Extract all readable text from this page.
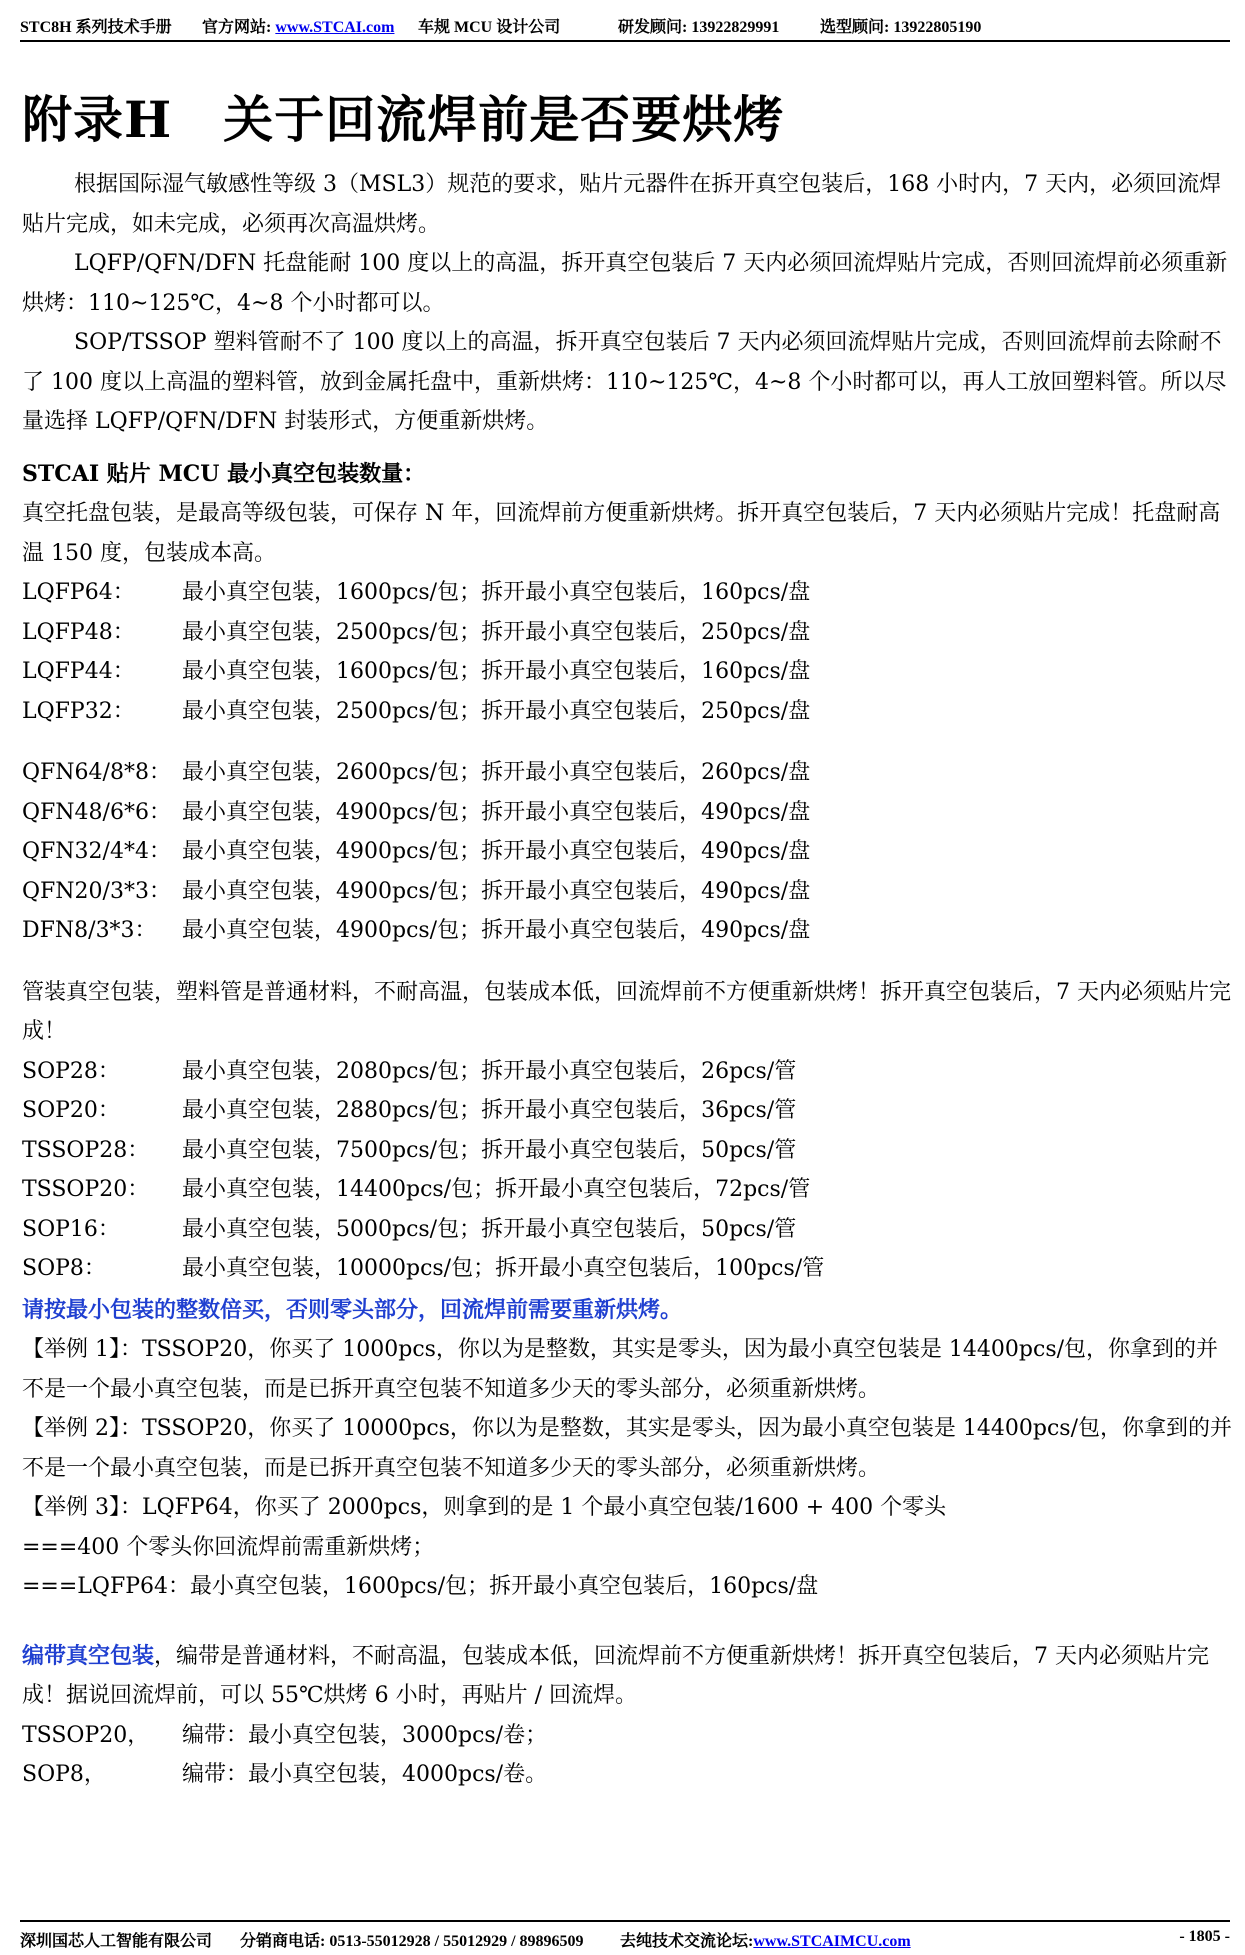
STC8H 系列技术手册 官方网站: www.STCAI.com 车规 MCU 设计公司	研发顾问: 13922829991	选型顾问: 13922805190
附录H　关于回流焊前是否要烘烤

根据国际湿气敏感性等级 3（MSL3）规范的要求，贴片元器件在拆开真空包装后，168 小时内，7 天内，必须回流焊贴片完成，如未完成，必须再次高温烘烤。

LQFP/QFN/DFN 托盘能耐 100 度以上的高温，拆开真空包装后 7 天内必须回流焊贴片完成，否则回流焊前必须重新烘烤：110~125℃，4~8 个小时都可以。

SOP/TSSOP 塑料管耐不了 100 度以上的高温，拆开真空包装后 7 天内必须回流焊贴片完成，否则回流焊前去除耐不了 100 度以上高温的塑料管，放到金属托盘中，重新烘烤：110~125℃，4~8 个小时都可以，再人工放回塑料管。所以尽量选择 LQFP/QFN/DFN 封装形式，方便重新烘烤。

STCAI 贴片 MCU 最小真空包装数量：

真空托盘包装，是最高等级包装，可保存 N 年，回流焊前方便重新烘烤。拆开真空包装后，7 天内必须贴片完成！托盘耐高温 150 度，包装成本高。

LQFP64：	最小真空包装，1600pcs/包；拆开最小真空包装后，160pcs/盘
LQFP48：	最小真空包装，2500pcs/包；拆开最小真空包装后，250pcs/盘
LQFP44：	最小真空包装，1600pcs/包；拆开最小真空包装后，160pcs/盘
LQFP32：	最小真空包装，2500pcs/包；拆开最小真空包装后，250pcs/盘
QFN64/8*8： 最小真空包装，2600pcs/包；拆开最小真空包装后，260pcs/盘
QFN48/6*6： 最小真空包装，4900pcs/包；拆开最小真空包装后，490pcs/盘
QFN32/4*4： 最小真空包装，4900pcs/包；拆开最小真空包装后，490pcs/盘
QFN20/3*3： 最小真空包装，4900pcs/包；拆开最小真空包装后，490pcs/盘
DFN8/3*3：	最小真空包装，4900pcs/包；拆开最小真空包装后，490pcs/盘

管装真空包装，塑料管是普通材料，不耐高温，包装成本低，回流焊前不方便重新烘烤！拆开真空包装后，7 天内必须贴片完成！

SOP28：	最小真空包装，2080pcs/包；拆开最小真空包装后，26pcs/管
SOP20：	最小真空包装，2880pcs/包；拆开最小真空包装后，36pcs/管
TSSOP28：	最小真空包装，7500pcs/包；拆开最小真空包装后，50pcs/管
TSSOP20：	最小真空包装，14400pcs/包；拆开最小真空包装后，72pcs/管
SOP16：	最小真空包装，5000pcs/包；拆开最小真空包装后，50pcs/管
SOP8：	最小真空包装，10000pcs/包；拆开最小真空包装后，100pcs/管

请按最小包装的整数倍买，否则零头部分，回流焊前需要重新烘烤。

【举例 1】：TSSOP20，你买了 1000pcs，你以为是整数，其实是零头，因为最小真空包装是 14400pcs/包，你拿到的并不是一个最小真空包装，而是已拆开真空包装不知道多少天的零头部分，必须重新烘烤。

【举例 2】：TSSOP20，你买了 10000pcs，你以为是整数，其实是零头，因为最小真空包装是 14400pcs/包，你拿到的并不是一个最小真空包装，而是已拆开真空包装不知道多少天的零头部分，必须重新烘烤。

【举例 3】：LQFP64，你买了 2000pcs，则拿到的是 1 个最小真空包装/1600 + 400 个零头

===400 个零头你回流焊前需重新烘烤；

===LQFP64：最小真空包装，1600pcs/包；拆开最小真空包装后，160pcs/盘

编带真空包装，编带是普通材料，不耐高温，包装成本低，回流焊前不方便重新烘烤！拆开真空包装后，7 天内必须贴片完成！据说回流焊前，可以 55℃烘烤 6 小时，再贴片 / 回流焊。

TSSOP20，	编带：最小真空包装，3000pcs/卷；
SOP8，	编带：最小真空包装，4000pcs/卷。
深圳国芯人工智能有限公司 分销商电话: 0513-55012928 / 55012929 / 89896509 去纯技术交流论坛:www.STCAIMCU.com	- 1805 -
